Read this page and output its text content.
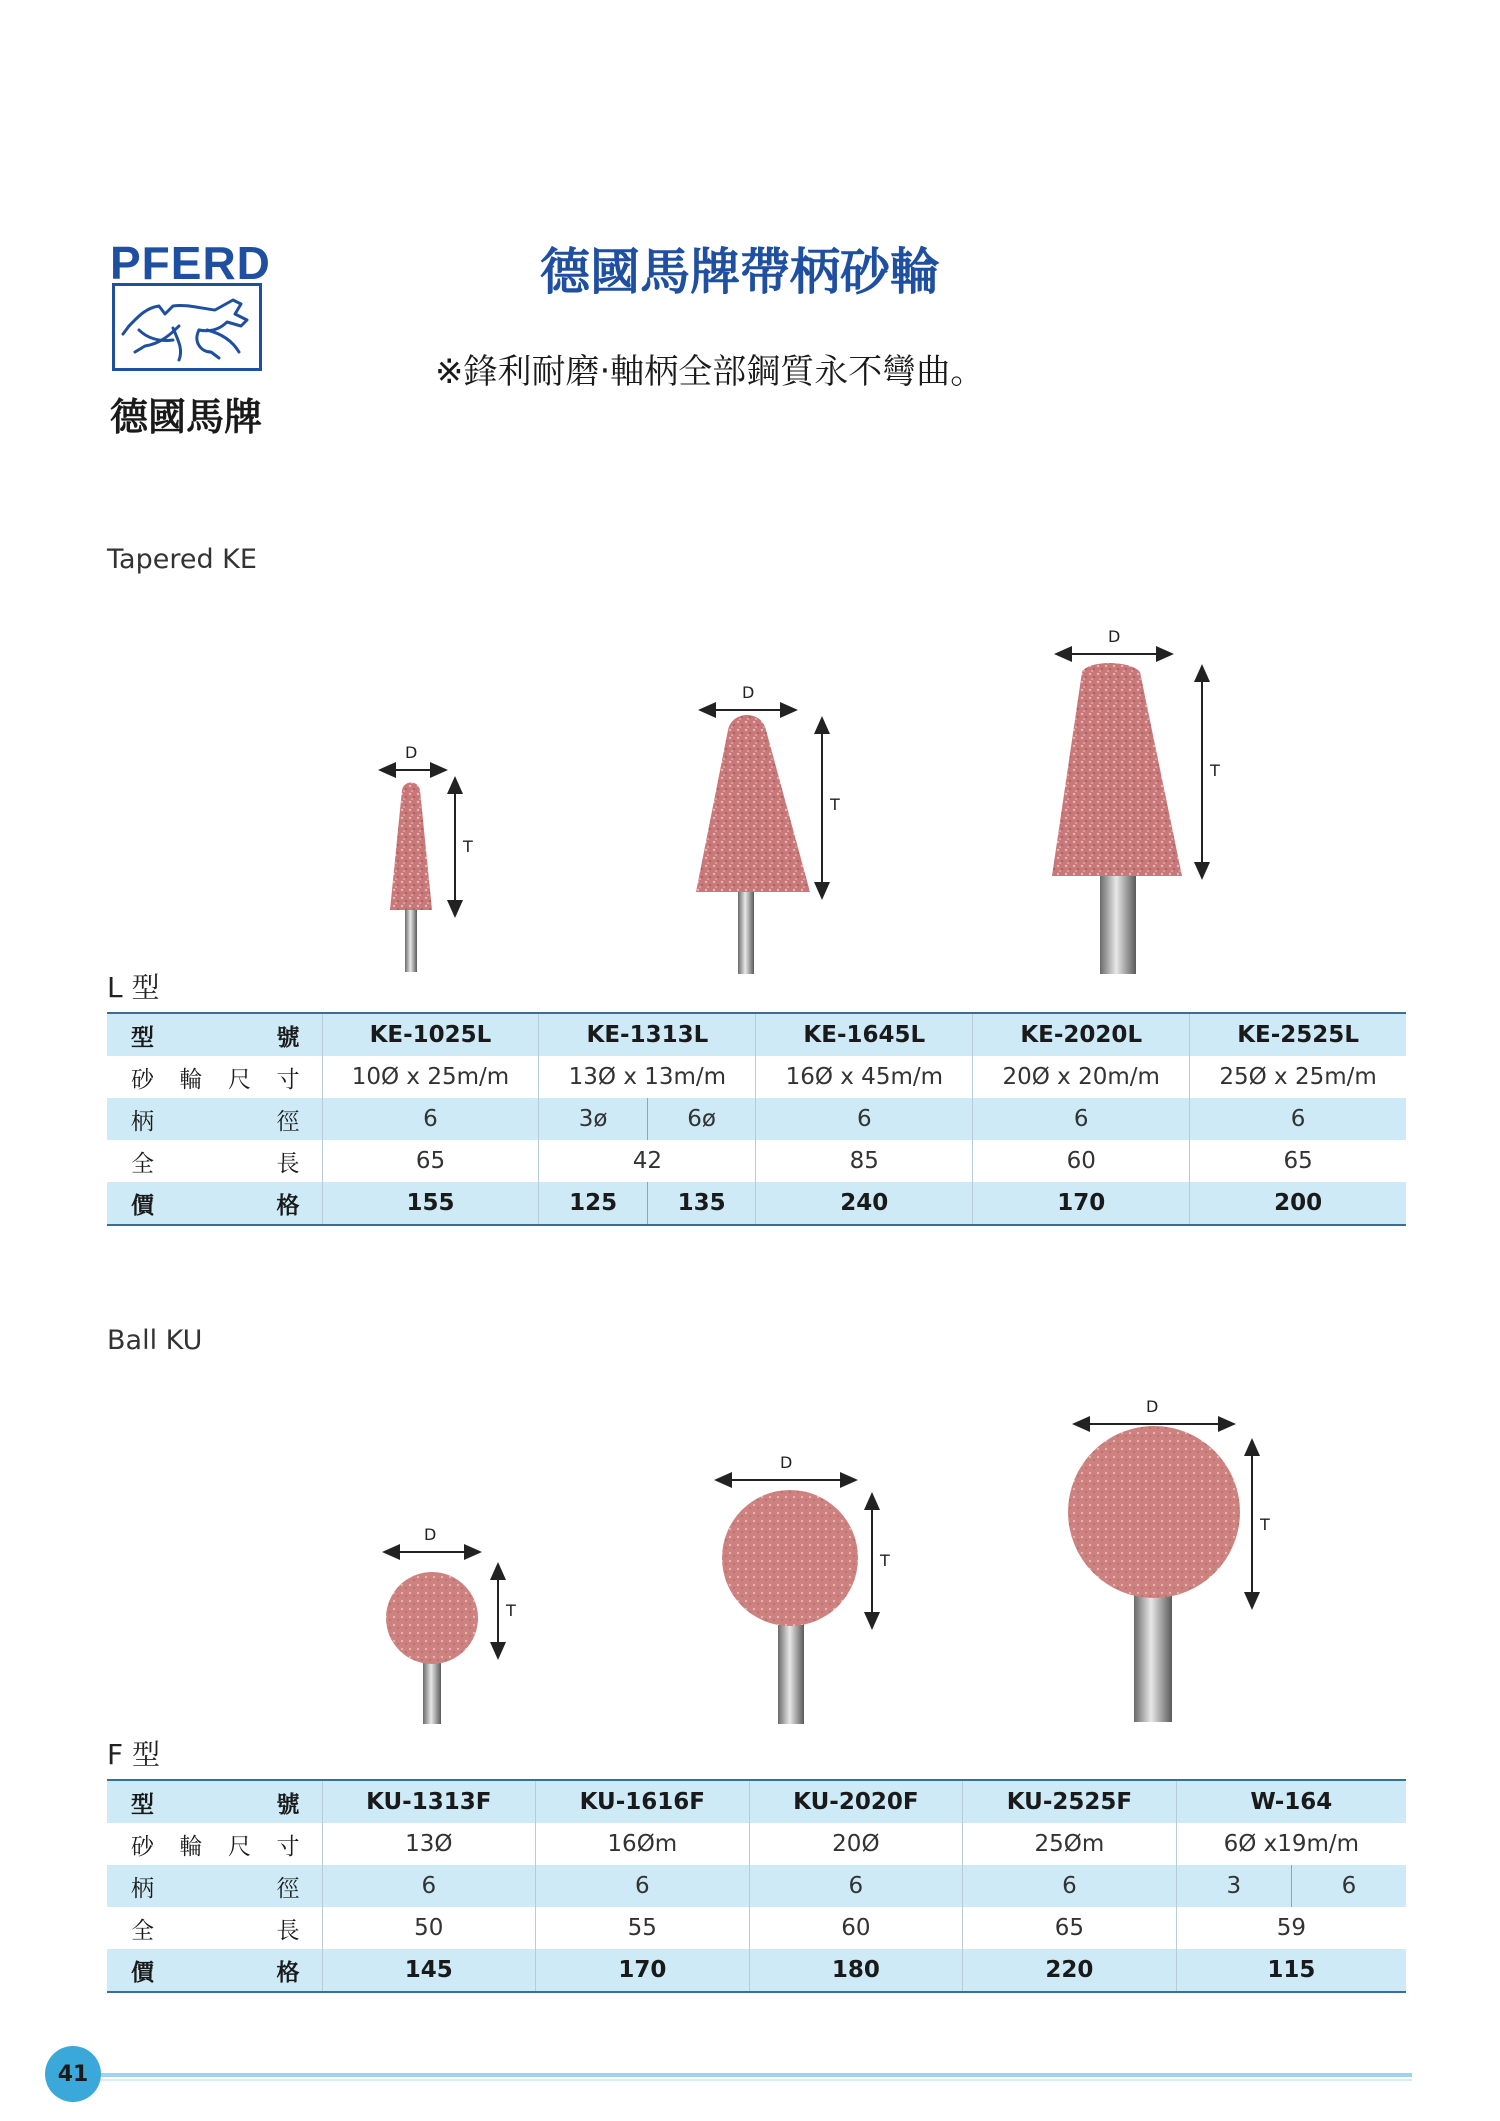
PFERD
德國馬牌
德國馬牌帶柄砂輪
※鋒利耐磨‧軸柄全部鋼質永不彎曲。
Tapered KE
D
T
D
T
D
T
L 型
型 號	KE-1025L	KE-1313L	KE-1645L	KE-2020L	KE-2525L

砂 輪 尺 寸	10Ø x 25m/m	13Ø x 13m/m	16Ø x 45m/m	20Ø x 20m/m	25Ø x 25m/m

柄 徑	6	3ø 6ø	6	6	6

全 長	65	42	85	60	65

價 格	155	125 135	240	170	200
Ball KU
D
T
D
T
D
T
F 型
型 號	KU-1313F	KU-1616F	KU-2020F	KU-2525F	W-164

砂 輪 尺 寸	13Ø	16Øm	20Ø	25Øm	6Ø x19m/m

柄 徑	6	6	6	6	3 6

全 長	50	55	60	65	59

價 格	145	170	180	220	115
41
